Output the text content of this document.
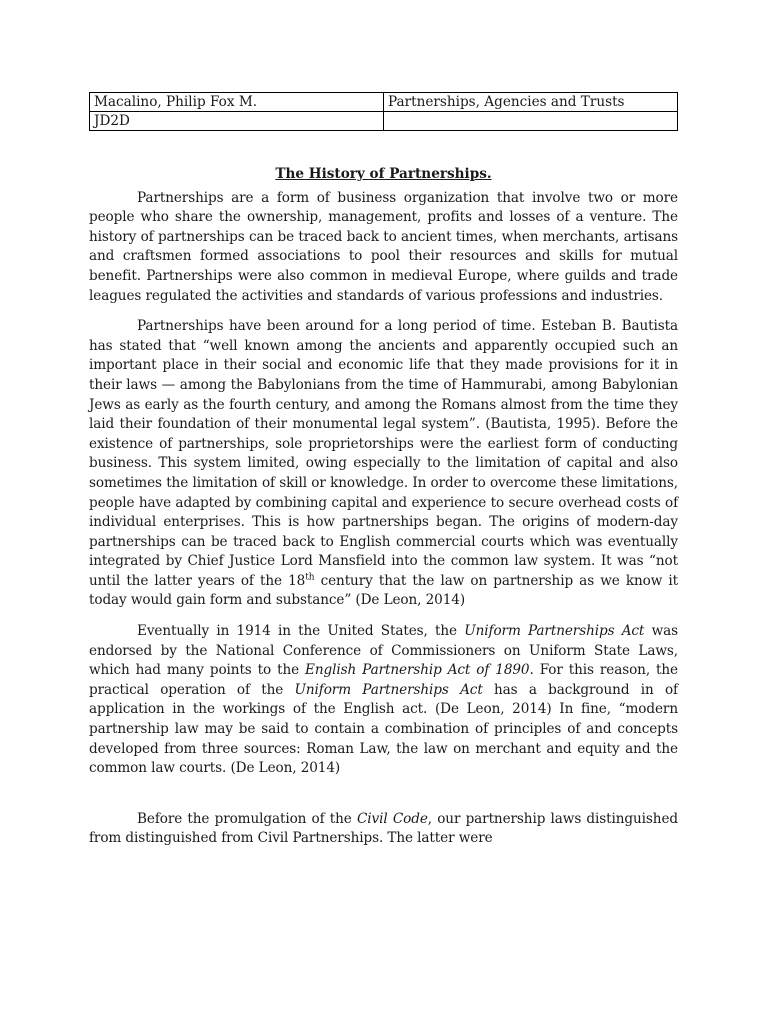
Macalino, Philip Fox M.	Partnerships, Agencies and Trusts
JD2D	
The History of Partnerships.

Partnerships are a form of business organization that involve two or more people who share the ownership, management, profits and losses of a venture. The history of partnerships can be traced back to ancient times, when merchants, artisans and craftsmen formed associations to pool their resources and skills for mutual benefit. Partnerships were also common in medieval Europe, where guilds and trade leagues regulated the activities and standards of various professions and industries.

Partnerships have been around for a long period of time. Esteban B. Bautista has stated that “well known among the ancients and apparently occupied such an important place in their social and economic life that they made provisions for it in their laws — among the Babylonians from the time of Hammurabi, among Babylonian Jews as early as the fourth century, and among the Romans almost from the time they laid their foundation of their monumental legal system”. (Bautista, 1995). Before the existence of partnerships, sole proprietorships were the earliest form of conducting business. This system limited, owing especially to the limitation of capital and also sometimes the limitation of skill or knowledge. In order to overcome these limitations, people have adapted by combining capital and experience to secure overhead costs of individual enterprises. This is how partnerships began. The origins of modern-day partnerships can be traced back to English commercial courts which was eventually integrated by Chief Justice Lord Mansfield into the common law system. It was “not until the latter years of the 18th century that the law on partnership as we know it today would gain form and substance” (De Leon, 2014)

Eventually in 1914 in the United States, the Uniform Partnerships Act was endorsed by the National Conference of Commissioners on Uniform State Laws, which had many points to the English Partnership Act of 1890. For this reason, the practical operation of the Uniform Partnerships Act has a background in of application in the workings of the English act. (De Leon, 2014) In fine, “modern partnership law may be said to contain a combination of principles of and concepts developed from three sources: Roman Law, the law on merchant and equity and the common law courts. (De Leon, 2014)

Before the promulgation of the Civil Code, our partnership laws distinguished from distinguished from Civil Partnerships. The latter were
